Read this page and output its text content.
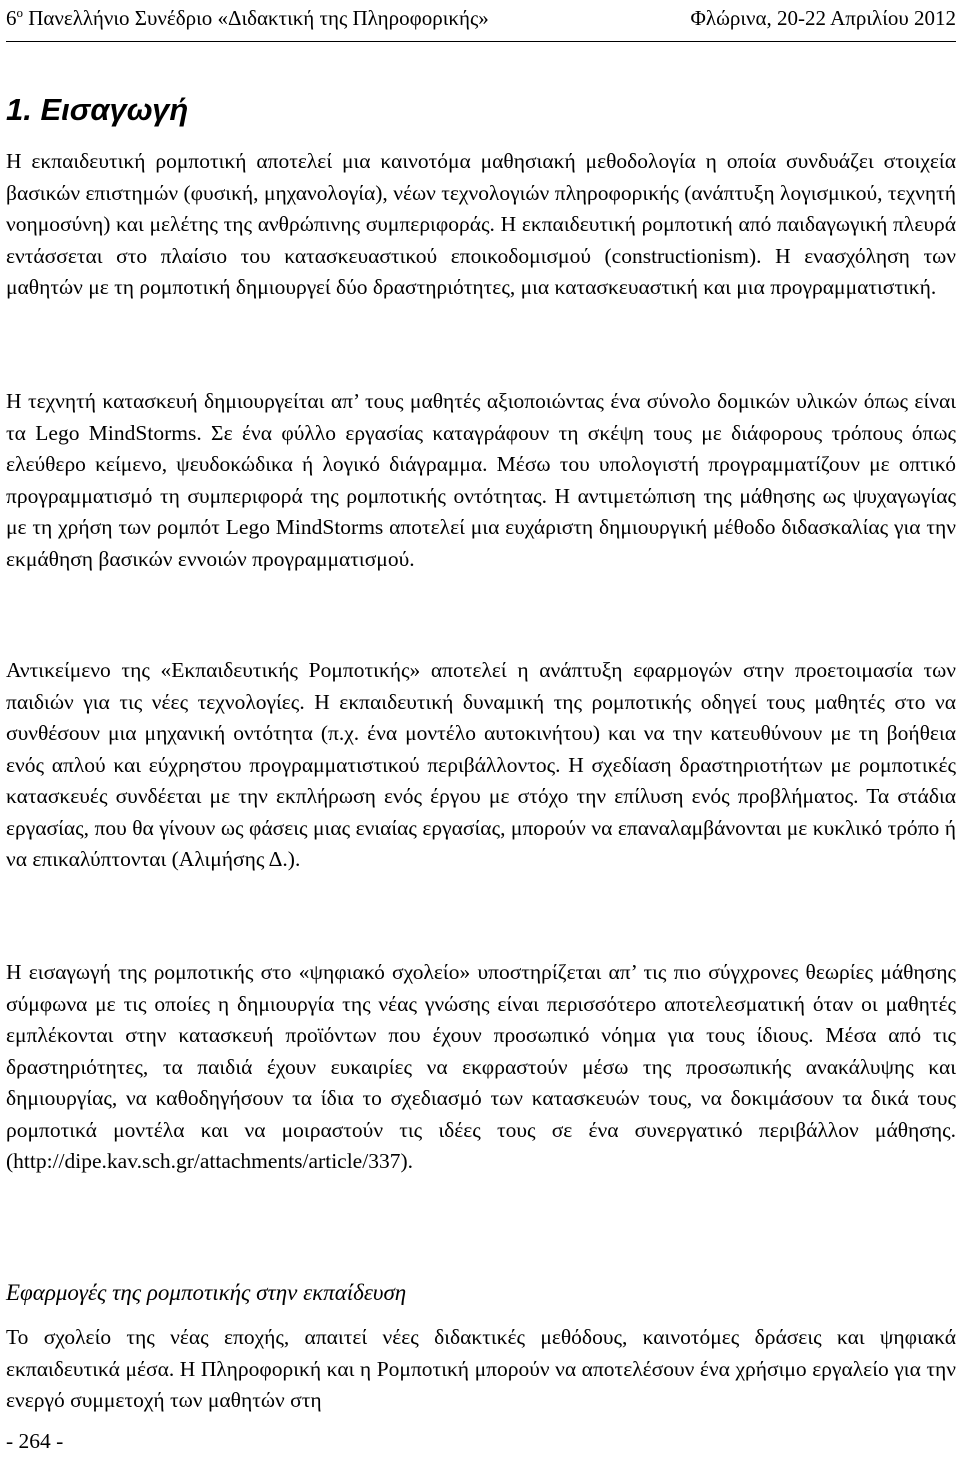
$6^o$ Πανελλήνιο Συνέδριο «Διδακτική της Πληροφορικής»	Φλώρινα, 20-22 Απριλίου 2012
1. Εισαγωγή

Η εκπαιδευτική ρομποτική αποτελεί μια καινοτόμα μαθησιακή μεθοδολογία η οποία συνδυάζει στοιχεία βασικών επιστημών (φυσική, μηχανολογία), νέων τεχνολογιών πληροφορικής (ανάπτυξη λογισμικού, τεχνητή νοημοσύνη) και μελέτης της ανθρώπινης συμπεριφοράς. Η εκπαιδευτική ρομποτική από παιδαγωγική πλευρά εντάσσεται στο πλαίσιο του κατασκευαστικού εποικοδομισμού (constructionism). Η ενασχόληση των μαθητών με τη ρομποτική δημιουργεί δύο δραστηριότητες, μια κατασκευαστική και μια προγραμματιστική.

Η τεχνητή κατασκευή δημιουργείται απ’ τους μαθητές αξιοποιώντας ένα σύνολο δομικών υλικών όπως είναι τα Lego MindStorms. Σε ένα φύλλο εργασίας καταγράφουν τη σκέψη τους με διάφορους τρόπους όπως ελεύθερο κείμενο, ψευδοκώδικα ή λογικό διάγραμμα. Μέσω του υπολογιστή προγραμματίζουν με οπτικό προγραμματισμό τη συμπεριφορά της ρομποτικής οντότητας. Η αντιμετώπιση της μάθησης ως ψυχαγωγίας με τη χρήση των ρομπότ Lego MindStorms αποτελεί μια ευχάριστη δημιουργική μέθοδο διδασκαλίας για την εκμάθηση βασικών εννοιών προγραμματισμού.

Αντικείμενο της «Εκπαιδευτικής Ρομποτικής» αποτελεί η ανάπτυξη εφαρμογών στην προετοιμασία των παιδιών για τις νέες τεχνολογίες. Η εκπαιδευτική δυναμική της ρομποτικής οδηγεί τους μαθητές στο να συνθέσουν μια μηχανική οντότητα (π.χ. ένα μοντέλο αυτοκινήτου) και να την κατευθύνουν με τη βοήθεια ενός απλού και εύχρηστου προγραμματιστικού περιβάλλοντος. Η σχεδίαση δραστηριοτήτων με ρομποτικές κατασκευές συνδέεται με την εκπλήρωση ενός έργου με στόχο την επίλυση ενός προβλήματος. Τα στάδια εργασίας, που θα γίνουν ως φάσεις μιας ενιαίας εργασίας, μπορούν να επαναλαμβάνονται με κυκλικό τρόπο ή να επικαλύπτονται (Αλιμήσης Δ.).

Η εισαγωγή της ρομποτικής στο «ψηφιακό σχολείο» υποστηρίζεται απ’ τις πιο σύγχρονες θεωρίες μάθησης σύμφωνα με τις οποίες η δημιουργία της νέας γνώσης είναι περισσότερο αποτελεσματική όταν οι μαθητές εμπλέκονται στην κατασκευή προϊόντων που έχουν προσωπικό νόημα για τους ίδιους. Μέσα από τις δραστηριότητες, τα παιδιά έχουν ευκαιρίες να εκφραστούν μέσω της προσωπικής ανακάλυψης και δημιουργίας, να καθοδηγήσουν τα ίδια το σχεδιασμό των κατασκευών τους, να δοκιμάσουν τα δικά τους ρομποτικά μοντέλα και να μοιραστούν τις ιδέες τους σε ένα συνεργατικό περιβάλλον μάθησης. (http://dipe.kav.sch.gr/attachments/article/337).

Εφαρμογές της ρομποτικής στην εκπαίδευση

Το σχολείο της νέας εποχής, απαιτεί νέες διδακτικές μεθόδους, καινοτόμες δράσεις και ψηφιακά εκπαιδευτικά μέσα. Η Πληροφορική και η Ρομποτική μπορούν να αποτελέσουν ένα χρήσιμο εργαλείο για την ενεργό συμμετοχή των μαθητών στη

- 264 -
